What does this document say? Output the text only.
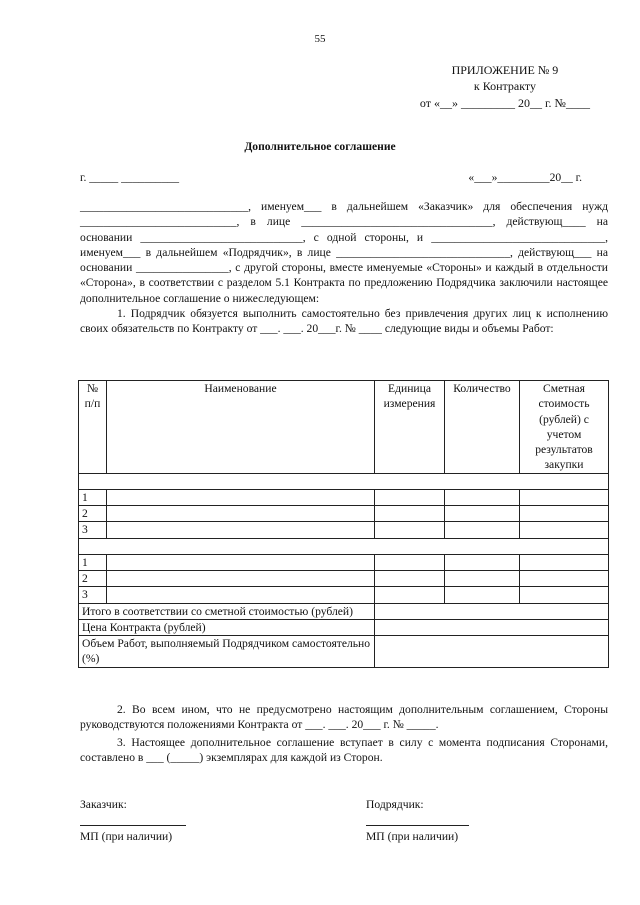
55
ПРИЛОЖЕНИЕ № 9
к Контракту
от «__» _________ 20__ г. №____
Дополнительное соглашение
г. _____ __________	«___»_________20__ г.

_____________________________, именуем___ в дальнейшем «Заказчик» для обеспечения нужд ___________________________, в лице _________________________________, действующ____ на основании ____________________________, с одной стороны, и ______________________________, именуем___ в дальнейшем «Подрядчик», в лице ______________________________, действующ___ на основании ________________, с другой стороны, вместе именуемые «Стороны» и каждый в отдельности «Сторона», в соответствии с разделом 5.1 Контракта по предложению Подрядчика заключили настоящее дополнительное соглашение о нижеследующем:

1. Подрядчик обязуется выполнить самостоятельно без привлечения других лиц к исполнению своих обязательств по Контракту от ___. ___. 20___г. № ____ следующие виды и объемы Работ:

№ п/п	Наименование	Единица измерения	Количество	Сметная стоимость (рублей) с учетом результатов закупки

1				
2				
3				

1				
2				
3				
Итого в соответствии со сметной стоимостью (рублей)				
Цена Контракта (рублей)				
Объем Работ, выполняемый Подрядчиком самостоятельно (%)				

2. Во всем ином, что не предусмотрено настоящим дополнительным соглашением, Стороны руководствуются положениями Контракта от ___. ___. 20___ г. № _____.

3. Настоящее дополнительное соглашение вступает в силу с момента подписания Сторонами, составлено в ___ (_____) экземплярах для каждой из Сторон.

Заказчик:	Подрядчик:
МП (при наличии)	МП (при наличии)
